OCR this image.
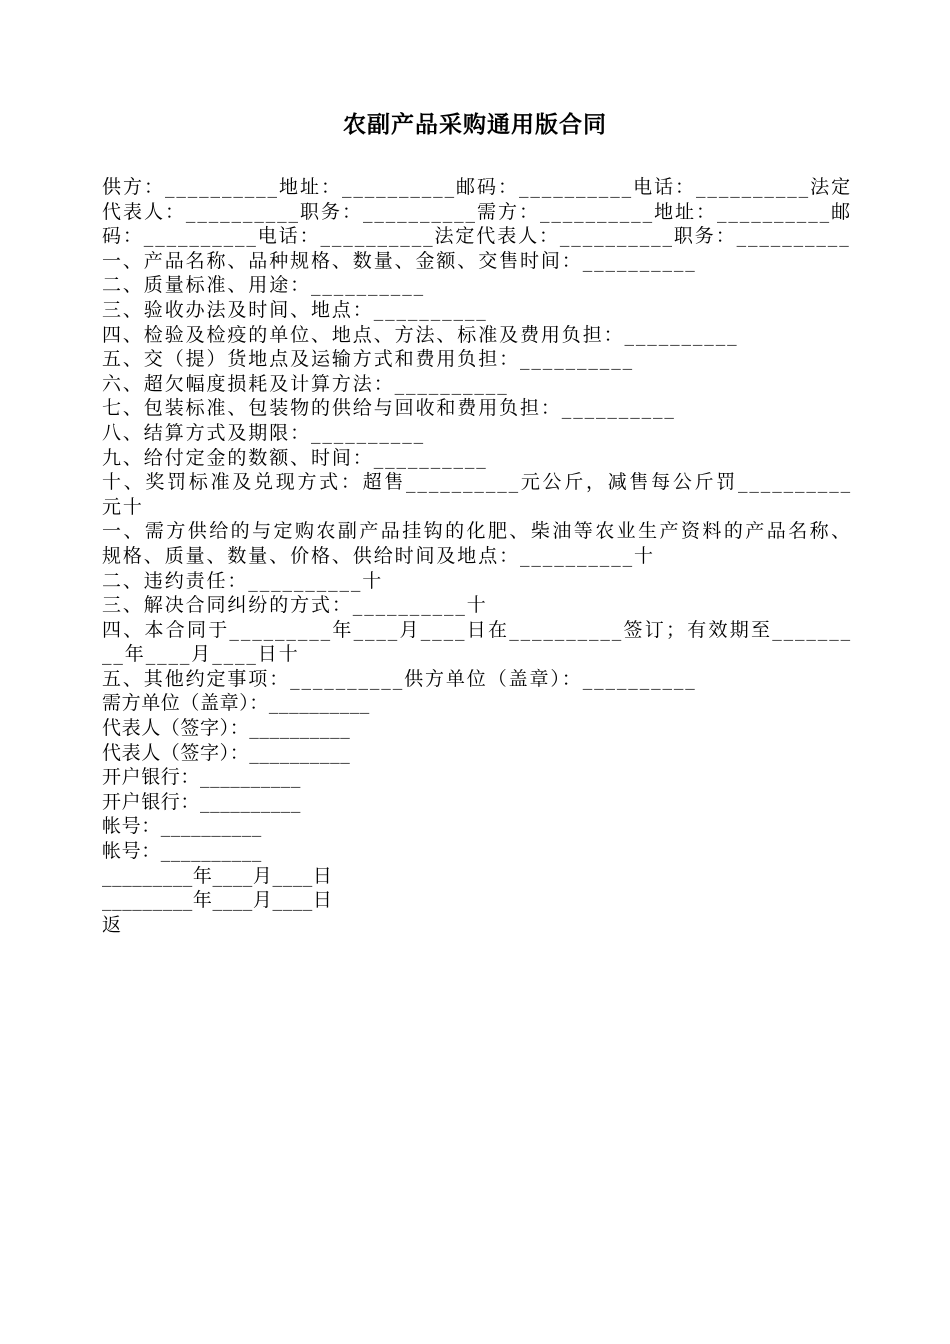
农副产品采购通用版合同

供方：__________地址：__________邮码：__________电话：__________法定代表人：__________职务：__________需方：__________地址：__________邮码：__________电话：__________法定代表人：__________职务：__________

一、产品名称、品种规格、数量、金额、交售时间：__________

二、质量标准、用途：__________

三、验收办法及时间、地点：__________

四、检验及检疫的单位、地点、方法、标准及费用负担：__________

五、交（提）货地点及运输方式和费用负担：__________

六、超欠幅度损耗及计算方法：__________

七、包装标准、包装物的供给与回收和费用负担：__________

八、结算方式及期限：__________

九、给付定金的数额、时间：__________

十、奖罚标准及兑现方式：超售__________元公斤，减售每公斤罚__________元十

一、需方供给的与定购农副产品挂钩的化肥、柴油等农业生产资料的产品名称、规格、质量、数量、价格、供给时间及地点：__________十

二、违约责任：__________十

三、解决合同纠纷的方式：__________十

四、本合同于_________年____月____日在__________签订；有效期至_________年____月____日十

五、其他约定事项：__________供方单位（盖章）：__________

需方单位（盖章）：__________

代表人（签字）：__________

代表人（签字）：__________

开户银行：__________

开户银行：__________

帐号：__________

帐号：__________

_________年____月____日

_________年____月____日

返
